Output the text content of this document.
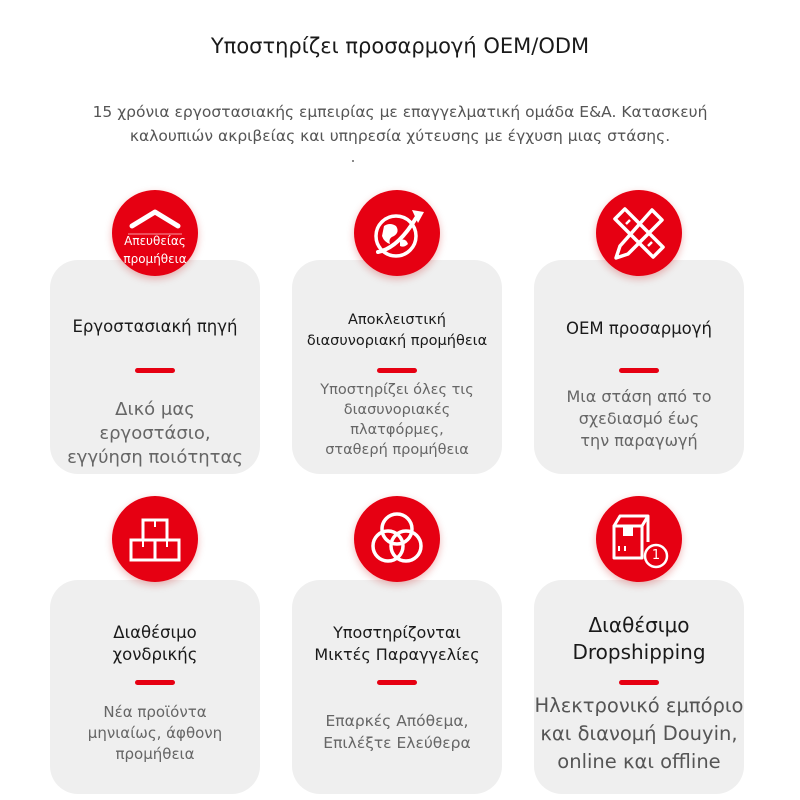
Υποστηρίζει προσαρμογή OEM/ODM
15 χρόνια εργοστασιακής εμπειρίας με επαγγελματική ομάδα E&A. Κατασκευή
καλουπιών ακριβείας και υπηρεσία χύτευσης με έγχυση μιας στάσης.
Εργοστασιακή πηγή
Δικό μας εργοστάσιο,
εγγύηση ποιότητας
Απευθείας
προμήθεια
Αποκλειστική
διασυνοριακή προμήθεια
Υποστηρίζει όλες τις
διασυνοριακές
πλατφόρμες,
σταθερή προμήθεια
OEM προσαρμογή
Μια στάση από το
σχεδιασμό έως
την παραγωγή
Διαθέσιμο
χονδρικής
Νέα προϊόντα
μηνιαίως, άφθονη
προμήθεια
Υποστηρίζονται
Μικτές Παραγγελίες
Επαρκές Απόθεμα,
Επιλέξτε Ελεύθερα
Διαθέσιμο
Dropshipping
Ηλεκτρονικό εμπόριο
και διανομή Douyin,
online και offline
1
